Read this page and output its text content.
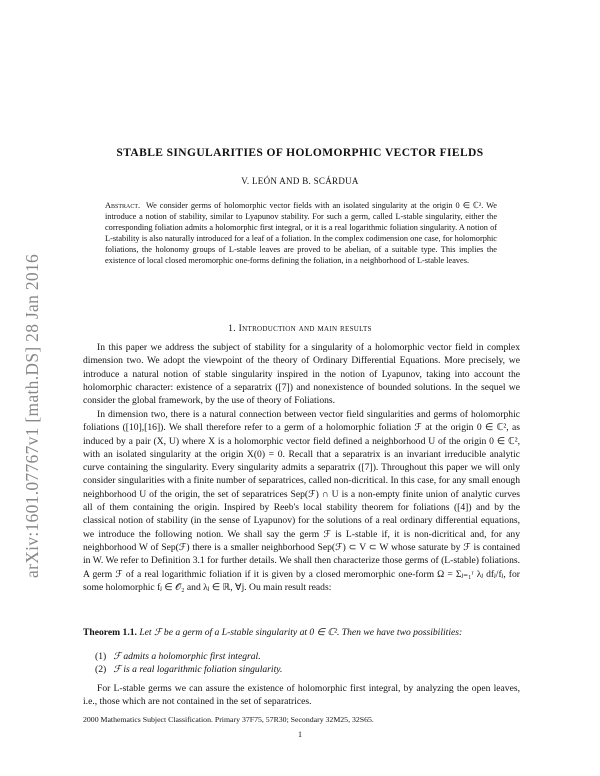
arXiv:1601.07767v1 [math.DS] 28 Jan 2016
STABLE SINGULARITIES OF HOLOMORPHIC VECTOR FIELDS
V. LEÓN AND B. SCÁRDUA
Abstract. We consider germs of holomorphic vector fields with an isolated singularity at the origin 0 ∈ ℂ². We introduce a notion of stability, similar to Lyapunov stability. For such a germ, called L-stable singularity, either the corresponding foliation admits a holomorphic first integral, or it is a real logarithmic foliation singularity. A notion of L-stability is also naturally introduced for a leaf of a foliation. In the complex codimension one case, for holomorphic foliations, the holonomy groups of L-stable leaves are proved to be abelian, of a suitable type. This implies the existence of local closed meromorphic one-forms defining the foliation, in a neighborhood of L-stable leaves.
1. Introduction and main results
In this paper we address the subject of stability for a singularity of a holomorphic vector field in complex dimension two. We adopt the viewpoint of the theory of Ordinary Differential Equations. More precisely, we introduce a natural notion of stable singularity inspired in the notion of Lyapunov, taking into account the holomorphic character: existence of a separatrix ([7]) and nonexistence of bounded solutions. In the sequel we consider the global framework, by the use of theory of Foliations.
In dimension two, there is a natural connection between vector field singularities and germs of holomorphic foliations ([10],[16]). We shall therefore refer to a germ of a holomorphic foliation ℱ at the origin 0 ∈ ℂ², as induced by a pair (X, U) where X is a holomorphic vector field defined a neighborhood U of the origin 0 ∈ ℂ², with an isolated singularity at the origin X(0) = 0. Recall that a separatrix is an invariant irreducible analytic curve containing the singularity. Every singularity admits a separatrix ([7]). Throughout this paper we will only consider singularities with a finite number of separatrices, called non-dicritical. In this case, for any small enough neighborhood U of the origin, the set of separatrices Sep(ℱ) ∩ U is a non-empty finite union of analytic curves all of them containing the origin. Inspired by Reeb's local stability theorem for foliations ([4]) and by the classical notion of stability (in the sense of Lyapunov) for the solutions of a real ordinary differential equations, we introduce the following notion. We shall say the germ ℱ is L-stable if, it is non-dicritical and, for any neighborhood W of Sep(ℱ) there is a smaller neighborhood Sep(ℱ) ⊂ V ⊂ W whose saturate by ℱ is contained in W. We refer to Definition 3.1 for further details. We shall then characterize those germs of (L-stable) foliations. A germ ℱ of a real logarithmic foliation if it is given by a closed meromorphic one-form Ω = Σⱼ₌₁ʳ λⱼ dfⱼ/fⱼ, for some holomorphic fⱼ ∈ 𝒪₂ and λⱼ ∈ ℝ, ∀j. Ou main result reads:
Theorem 1.1. Let ℱ be a germ of a L-stable singularity at 0 ∈ ℂ². Then we have two possibilities:
(1) ℱ admits a holomorphic first integral.
(2) ℱ is a real logarithmic foliation singularity.
For L-stable germs we can assure the existence of holomorphic first integral, by analyzing the open leaves, i.e., those which are not contained in the set of separatrices.
2000 Mathematics Subject Classification. Primary 37F75, 57R30; Secondary 32M25, 32S65.
1
